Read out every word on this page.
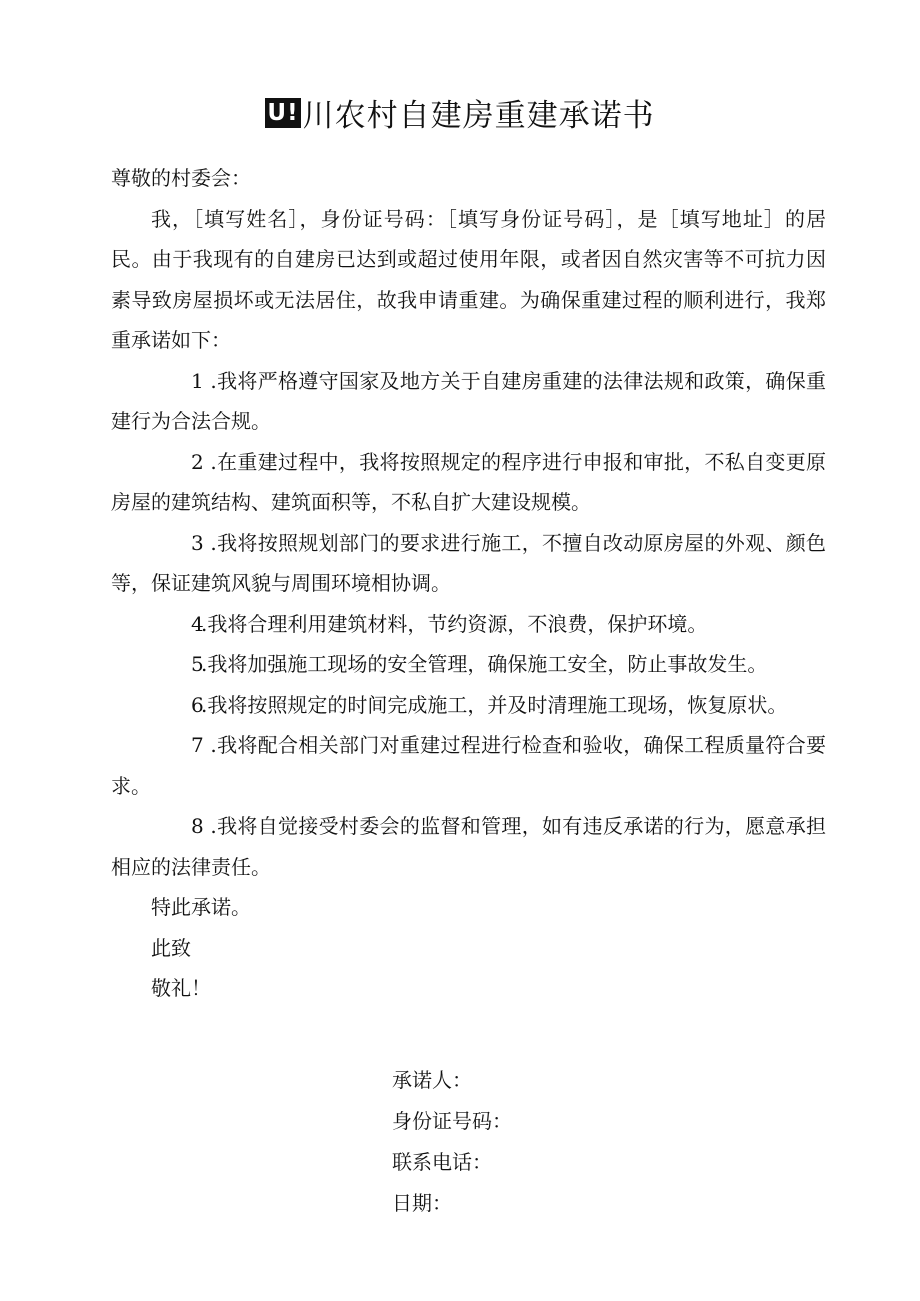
U! 川农村自建房重建承诺书

尊敬的村委会：

我，［填写姓名］，身份证号码：［填写身份证号码］，是［填写地址］的居民。由于我现有的自建房已达到或超过使用年限，或者因自然灾害等不可抗力因素导致房屋损坏或无法居住，故我申请重建。为确保重建过程的顺利进行，我郑重承诺如下：

1 .我将严格遵守国家及地方关于自建房重建的法律法规和政策，确保重建行为合法合规。

2 .在重建过程中，我将按照规定的程序进行申报和审批，不私自变更原房屋的建筑结构、建筑面积等，不私自扩大建设规模。

3 .我将按照规划部门的要求进行施工，不擅自改动原房屋的外观、颜色等，保证建筑风貌与周围环境相协调。

4.我将合理利用建筑材料，节约资源，不浪费，保护环境。

5.我将加强施工现场的安全管理，确保施工安全，防止事故发生。

6.我将按照规定的时间完成施工，并及时清理施工现场，恢复原状。

7 .我将配合相关部门对重建过程进行检查和验收，确保工程质量符合要求。

8 .我将自觉接受村委会的监督和管理，如有违反承诺的行为，愿意承担相应的法律责任。

特此承诺。

此致

敬礼！

承诺人：

身份证号码：

联系电话：

日期：
